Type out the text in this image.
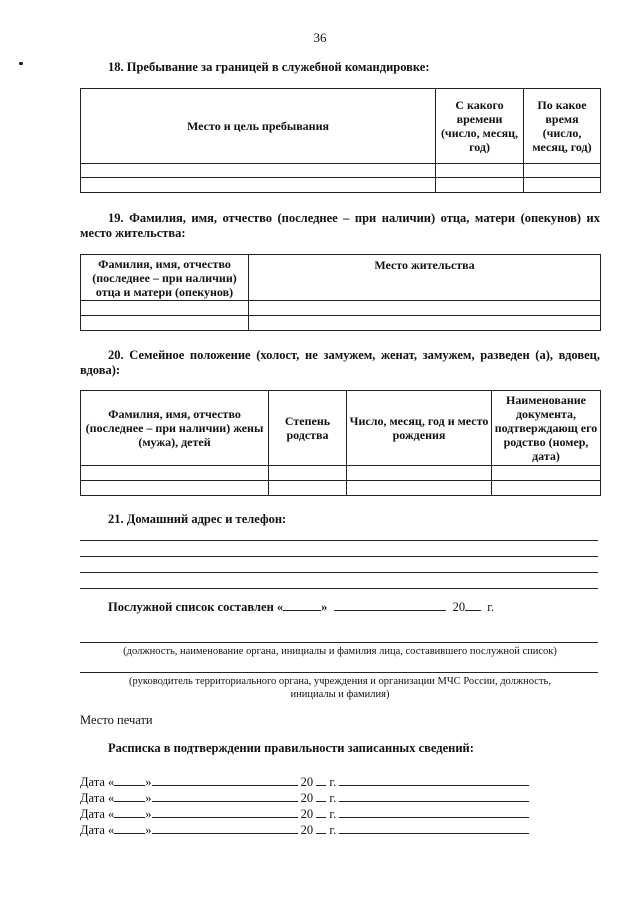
36
18. Пребывание за границей в служебной командировке:
Место и цель пребывания	С какого времени (число, месяц, год)	По какое время (число, месяц, год)

19. Фамилия, имя, отчество (последнее – при наличии) отца, матери (опекунов) их место жительства:
Фамилия, имя, отчество (последнее – при наличии) отца и матери (опекунов)	Место жительства

20. Семейное положение (холост, не замужем, женат, замужем, разведен (а), вдовец, вдова):
Фамилия, имя, отчество (последнее – при наличии) жены (мужа), детей	Степень родства	Число, месяц, год и место рождения	Наименование документа, подтверждающ его родство (номер, дата)

21. Домашний адрес и телефон:
Послужной список составлен «	»	20 г.
(должность, наименование органа, инициалы и фамилия лица, составившего послужной список)
(руководитель территориального органа, учреждения и организации МЧС России, должность, инициалы и фамилия)
Место печати
Расписка в подтверждении правильности записанных сведений:
Дата « »	20 г.
Дата « »	20 г.
Дата « »	20 г.
Дата « »	20 г.
